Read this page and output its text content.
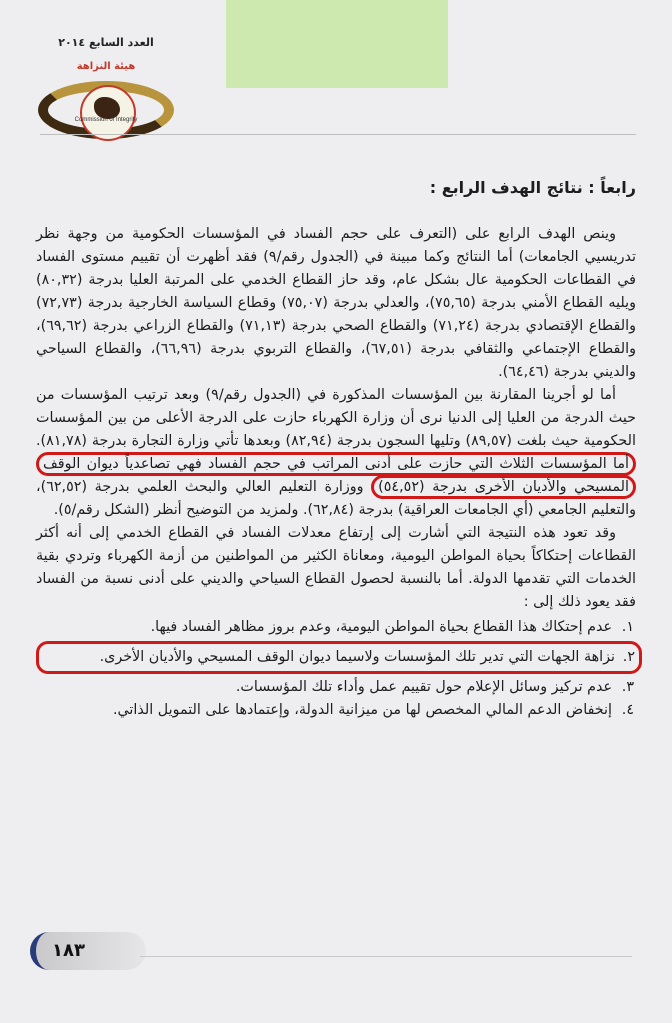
العدد السابع ٢٠١٤
هيئة النزاهة
Commission of Integrity
رابعاً : نتائج الهدف الرابع :

وينص الهدف الرابع على (التعرف على حجم الفساد في المؤسسات الحكومية من وجهة نظر تدريسيي الجامعات) أما النتائج وكما مبينة في (الجدول رقم/٩) فقد أظهرت أن تقييم مستوى الفساد في القطاعات الحكومية عال بشكل عام، وقد حاز القطاع الخدمي على المرتبة العليا بدرجة (٨٠,٣٢) ويليه القطاع الأمني بدرجة (٧٥,٦٥)، والعدلي بدرجة (٧٥,٠٧) وقطاع السياسة الخارجية بدرجة (٧٢,٧٣) والقطاع الإقتصادي بدرجة (٧١,٢٤) والقطاع الصحي بدرجة (٧١,١٣) والقطاع الزراعي بدرجة (٦٩,٦٢)، والقطاع الإجتماعي والثقافي بدرجة (٦٧,٥١)، والقطاع التربوي بدرجة (٦٦,٩٦)، والقطاع السياحي والديني بدرجة (٦٤,٤٦).

أما لو أجرينا المقارنة بين المؤسسات المذكورة في (الجدول رقم/٩) وبعد ترتيب المؤسسات من حيث الدرجة من العليا إلى الدنيا نرى أن وزارة الكهرباء حازت على الدرجة الأعلى من بين المؤسسات الحكومية حيث بلغت (٨٩,٥٧) وتليها السجون بدرجة (٨٢,٩٤) وبعدها تأتي وزارة التجارة بدرجة (٨١,٧٨). أما المؤسسات الثلاث التي حازت على أدنى المراتب في حجم الفساد فهي تصاعدياً ديوان الوقف المسيحي والأديان الأخرى بدرجة (٥٤,٥٢) ووزارة التعليم العالي والبحث العلمي بدرجة (٦٢,٥٢)، والتعليم الجامعي (أي الجامعات العراقية) بدرجة (٦٢,٨٤). ولمزيد من التوضيح أنظر (الشكل رقم/٥).

وقد تعود هذه النتيجة التي أشارت إلى إرتفاع معدلات الفساد في القطاع الخدمي إلى أنه أكثر القطاعات إحتكاكاً بحياة المواطن اليومية، ومعاناة الكثير من المواطنين من أزمة الكهرباء وتردي بقية الخدمات التي تقدمها الدولة. أما بالنسبة لحصول القطاع السياحي والديني على أدنى نسبة من الفساد فقد يعود ذلك إلى :

١.
عدم إحتكاك هذا القطاع بحياة المواطن اليومية، وعدم بروز مظاهر الفساد فيها.
٢.
نزاهة الجهات التي تدير تلك المؤسسات ولاسيما ديوان الوقف المسيحي والأديان الأخرى.
٣.
عدم تركيز وسائل الإعلام حول تقييم عمل وأداء تلك المؤسسات.
٤.
إنخفاض الدعم المالي المخصص لها من ميزانية الدولة، وإعتمادها على التمويل الذاتي.
١٨٣
